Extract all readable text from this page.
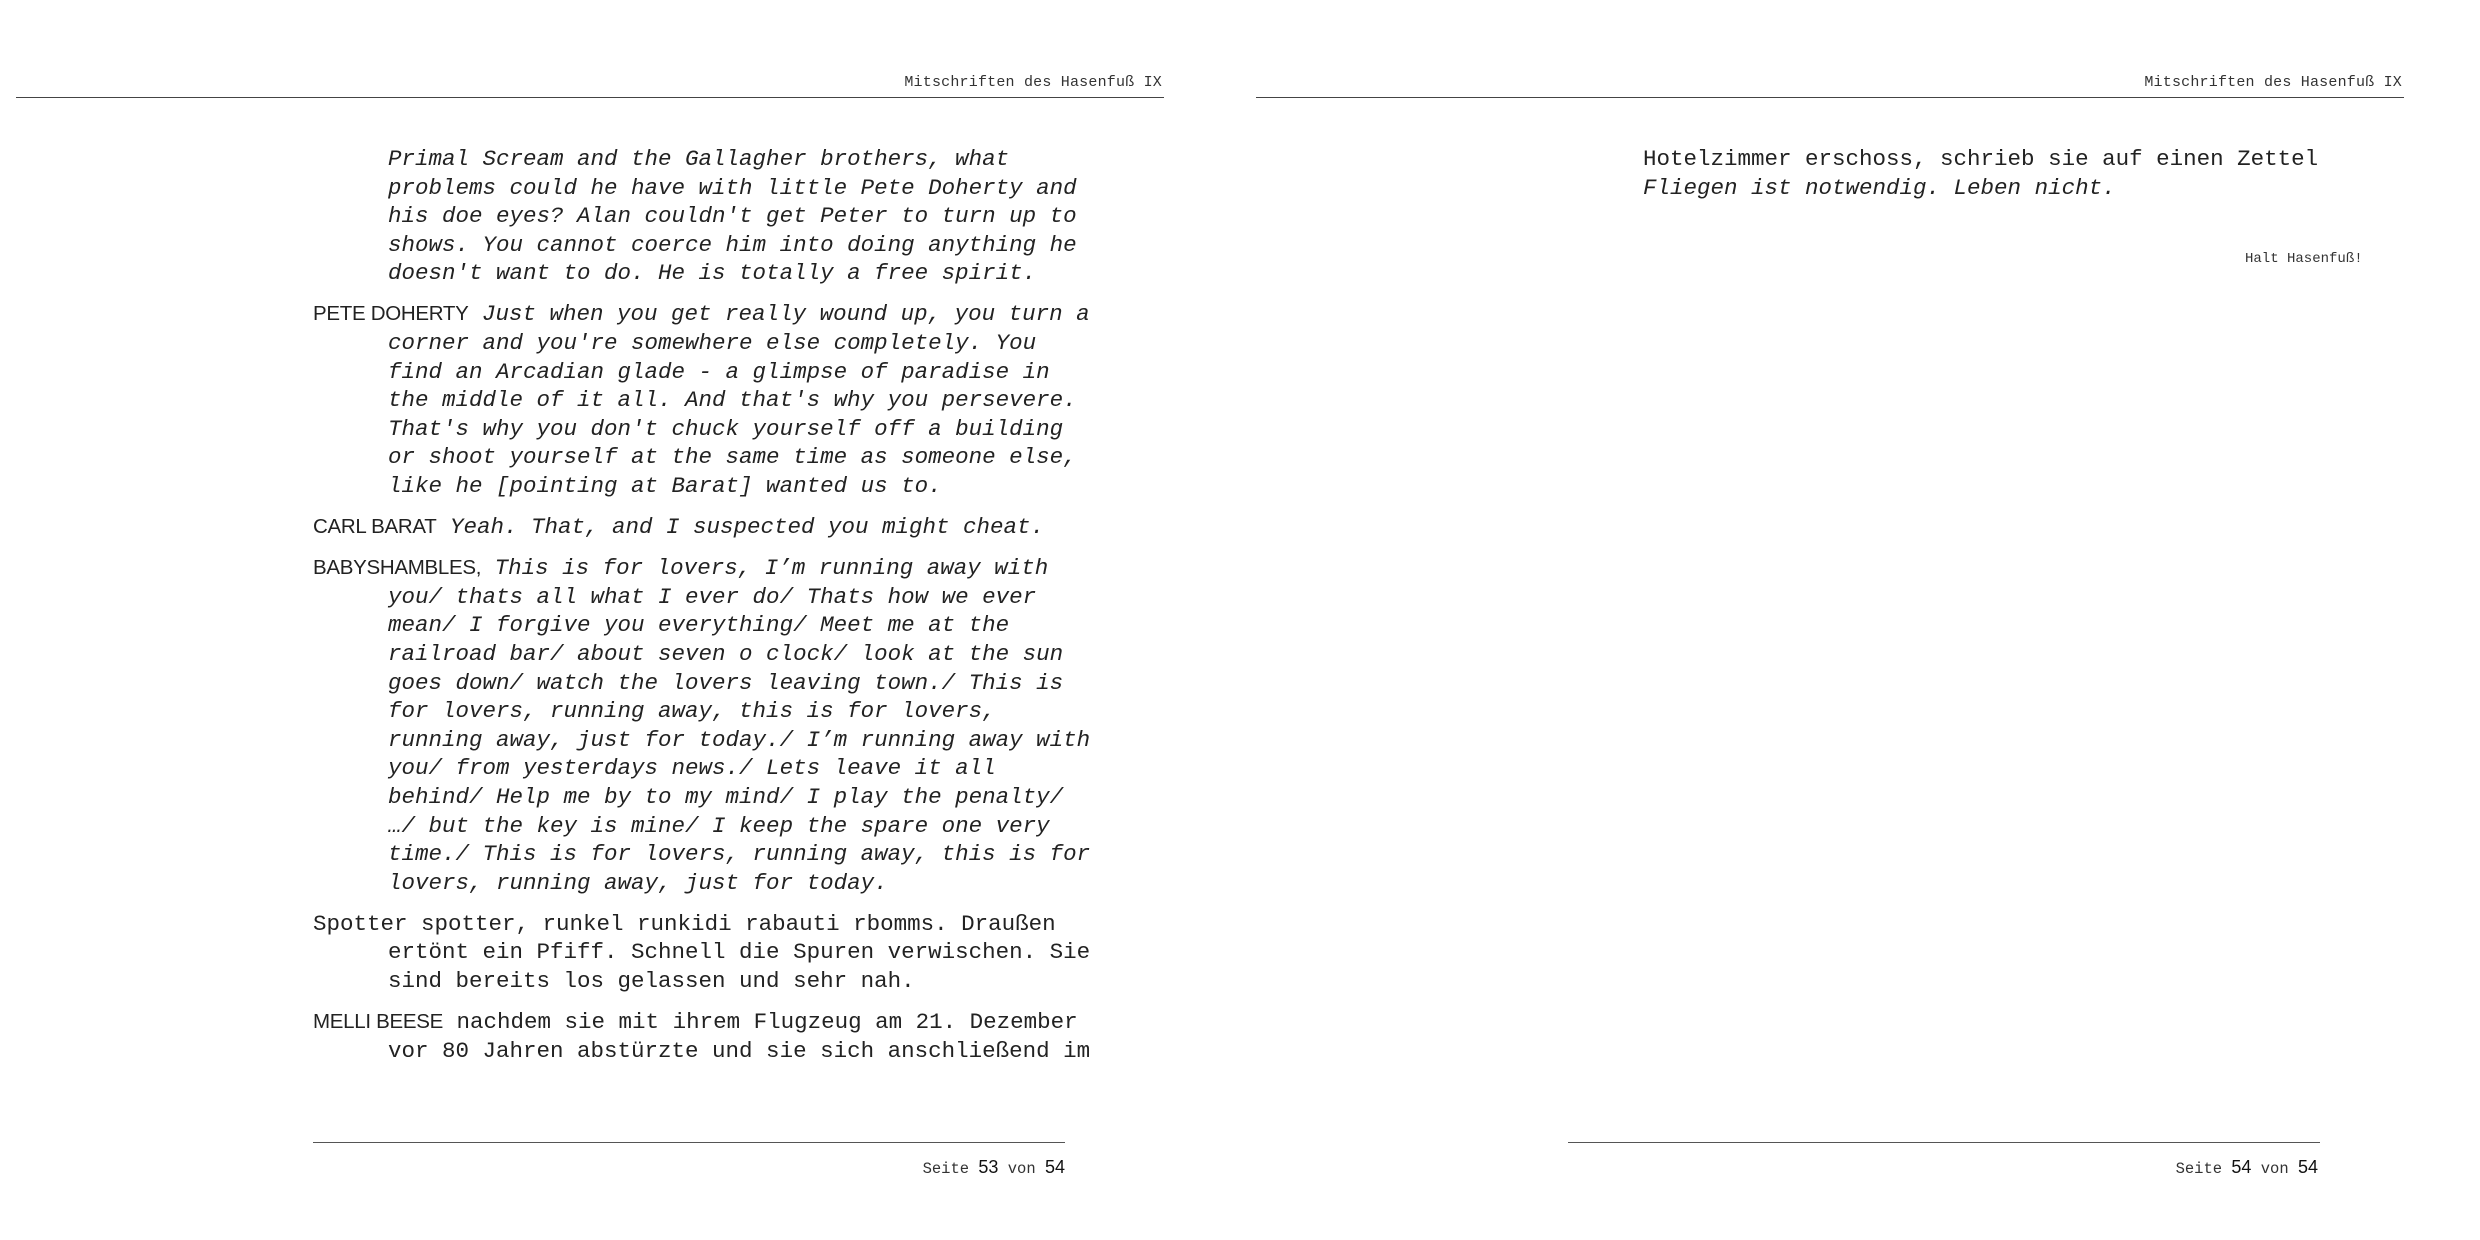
Mitschriften des Hasenfuß IX

Primal Scream and the Gallagher brothers, what problems could he have with little Pete Doherty and his doe eyes? Alan couldn't get Peter to turn up to shows. You cannot coerce him into doing anything he doesn't want to do. He is totally a free spirit.

PETE DOHERTY Just when you get really wound up, you turn a corner and you're somewhere else completely. You find an Arcadian glade - a glimpse of paradise in the middle of it all. And that's why you persevere. That's why you don't chuck yourself off a building or shoot yourself at the same time as someone else, like he [pointing at Barat] wanted us to.

CARL BARAT Yeah. That, and I suspected you might cheat.

BABYSHAMBLES, This is for lovers, I’m running away with you/ thats all what I ever do/ Thats how we ever mean/ I forgive you everything/ Meet me at the railroad bar/ about seven o clock/ look at the sun goes down/ watch the lovers leaving town./ This is for lovers, running away, this is for lovers, running away, just for today./ I’m running away with you/ from yesterdays news./ Lets leave it all behind/ Help me by to my mind/ I play the penalty/ …/ but the key is mine/ I keep the spare one very time./ This is for lovers, running away, this is for lovers, running away, just for today.

Spotter spotter, runkel runkidi rabauti rbomms. Draußen ertönt ein Pfiff. Schnell die Spuren verwischen. Sie sind bereits los gelassen und sehr nah.

MELLI BEESE nachdem sie mit ihrem Flugzeug am 21. Dezember vor 80 Jahren abstürzte und sie sich anschließend im

Seite 53 von 54
Mitschriften des Hasenfuß IX
Hotelzimmer erschoss, schrieb sie auf einen Zettel
Fliegen ist notwendig. Leben nicht.
Halt Hasenfuß!
Seite 54 von 54
